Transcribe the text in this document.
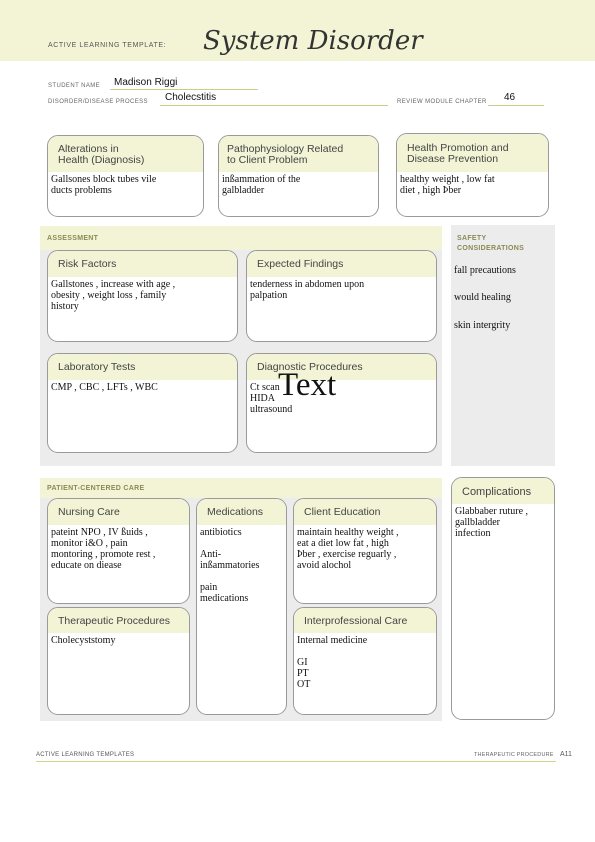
ACTIVE LEARNING TEMPLATE: System Disorder
STUDENT NAME Madison Riggi
DISORDER/DISEASE PROCESS Cholecstitis	REVIEW MODULE CHAPTER 46
Alterations in
Health (Diagnosis)
Gallsones block tubes vile
ducts problems
Pathophysiology Related
to Client Problem
inßammation of the
galbladder
Health Promotion and
Disease Prevention
healthy weight , low fat
diet , high Þber
ASSESSMENT
Risk Factors
Gallstones , increase with age ,
obesity , weight loss , family
history
Expected Findings
tenderness in abdomen upon
palpation
Laboratory Tests
CMP , CBC , LFTs , WBC
Diagnostic Procedures
Ct scan
HIDA
ultrasound
Text
SAFETY
CONSIDERATIONS
fall precautions
would healing
skin intergrity
PATIENT-CENTERED CARE
Nursing Care
pateint NPO , IV ßuids ,
monitor i&O , pain
montoring , promote rest ,
educate on diease
Medications
antibiotics
Anti-
inßammatories
pain
medications
Client Education
maintain healthy weight ,
eat a diet low fat , high
Þber , exercise reguarly ,
avoid alochol
Therapeutic Procedures
Cholecyststomy
Interprofessional Care
Internal medicine
GI
PT
OT
Complications
Glabbaber ruture ,
gallbladder
infection
ACTIVE LEARNING TEMPLATES	THERAPEUTIC PROCEDURE A11
